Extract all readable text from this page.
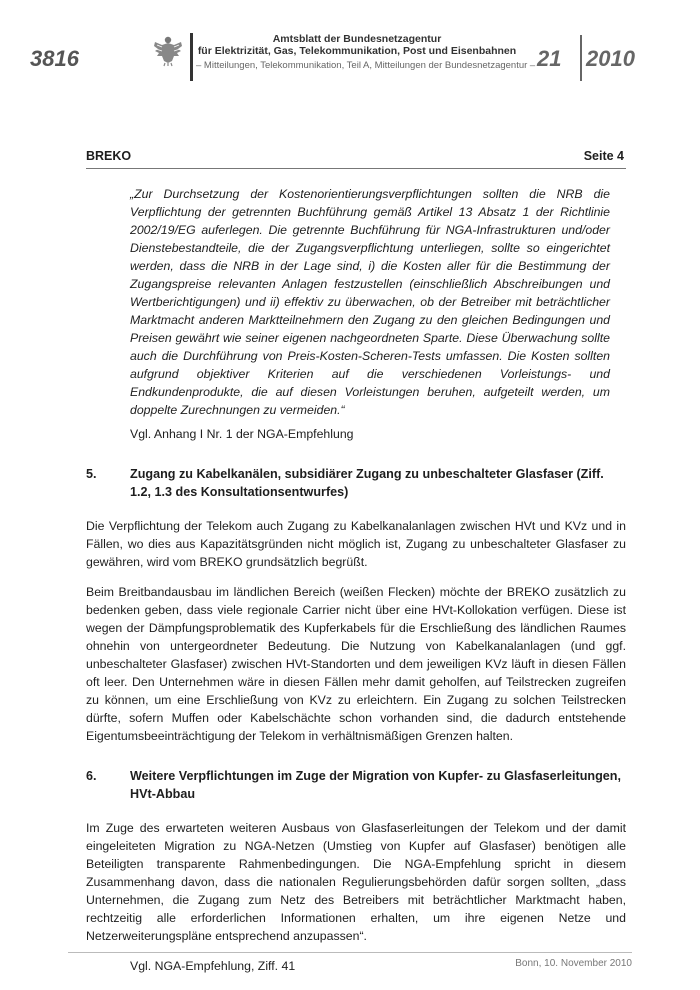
3816
Amtsblatt der Bundesnetzagentur
für Elektrizität, Gas, Telekommunikation, Post und Eisenbahnen
– Mitteilungen, Telekommunikation, Teil A, Mitteilungen der Bundesnetzagentur – 21 2010
BREKO	Seite 4
„Zur Durchsetzung der Kostenorientierungsverpflichtungen sollten die NRB die Verpflichtung der getrennten Buchführung gemäß Artikel 13 Absatz 1 der Richtlinie 2002/19/EG auferlegen. Die getrennte Buchführung für NGA-Infrastrukturen und/oder Dienstebestandteile, die der Zugangsverpflichtung unterliegen, sollte so eingerichtet werden, dass die NRB in der Lage sind, i) die Kosten aller für die Bestimmung der Zugangspreise relevanten Anlagen festzustellen (einschließlich Abschreibungen und Wertberichtigungen) und ii) effektiv zu überwachen, ob der Betreiber mit beträchtlicher Marktmacht anderen Marktteilnehmern den Zugang zu den gleichen Bedingungen und Preisen gewährt wie seiner eigenen nachgeordneten Sparte. Diese Überwachung sollte auch die Durchführung von Preis-Kosten-Scheren-Tests umfassen. Die Kosten sollten aufgrund objektiver Kriterien auf die verschiedenen Vorleistungs- und Endkundenprodukte, die auf diesen Vorleistungen beruhen, aufgeteilt werden, um doppelte Zurechnungen zu vermeiden.“
Vgl. Anhang I Nr. 1 der NGA-Empfehlung
5.	Zugang zu Kabelkanälen, subsidiärer Zugang zu unbeschalteter Glasfaser (Ziff. 1.2, 1.3 des Konsultationsentwurfes)
Die Verpflichtung der Telekom auch Zugang zu Kabelkanalanlagen zwischen HVt und KVz und in Fällen, wo dies aus Kapazitätsgründen nicht möglich ist, Zugang zu unbeschalteter Glasfaser zu gewähren, wird vom BREKO grundsätzlich begrüßt.
Beim Breitbandausbau im ländlichen Bereich (weißen Flecken) möchte der BREKO zusätzlich zu bedenken geben, dass viele regionale Carrier nicht über eine HVt-Kollokation verfügen. Diese ist wegen der Dämpfungsproblematik des Kupferkabels für die Erschließung des ländlichen Raumes ohnehin von untergeordneter Bedeutung. Die Nutzung von Kabelkanalanlagen (und ggf. unbeschalteter Glasfaser) zwischen HVt-Standorten und dem jeweiligen KVz läuft in diesen Fällen oft leer. Den Unternehmen wäre in diesen Fällen mehr damit geholfen, auf Teilstrecken zugreifen zu können, um eine Erschließung von KVz zu erleichtern. Ein Zugang zu solchen Teilstrecken dürfte, sofern Muffen oder Kabelschächte schon vorhanden sind, die dadurch entstehende Eigentumsbeeinträchtigung der Telekom in verhältnismäßigen Grenzen halten.
6.	Weitere Verpflichtungen im Zuge der Migration von Kupfer- zu Glasfaserleitungen, HVt-Abbau
Im Zuge des erwarteten weiteren Ausbaus von Glasfaserleitungen der Telekom und der damit eingeleiteten Migration zu NGA-Netzen (Umstieg von Kupfer auf Glasfaser) benötigen alle Beteiligten transparente Rahmenbedingungen. Die NGA-Empfehlung spricht in diesem Zusammenhang davon, dass die nationalen Regulierungsbehörden dafür sorgen sollten, „dass Unternehmen, die Zugang zum Netz des Betreibers mit beträchtlicher Marktmacht haben, rechtzeitig alle erforderlichen Informationen erhalten, um ihre eigenen Netze und Netzerweiterungspläne entsprechend anzupassen“.
Vgl. NGA-Empfehlung, Ziff. 41	Bonn, 10. November 2010
